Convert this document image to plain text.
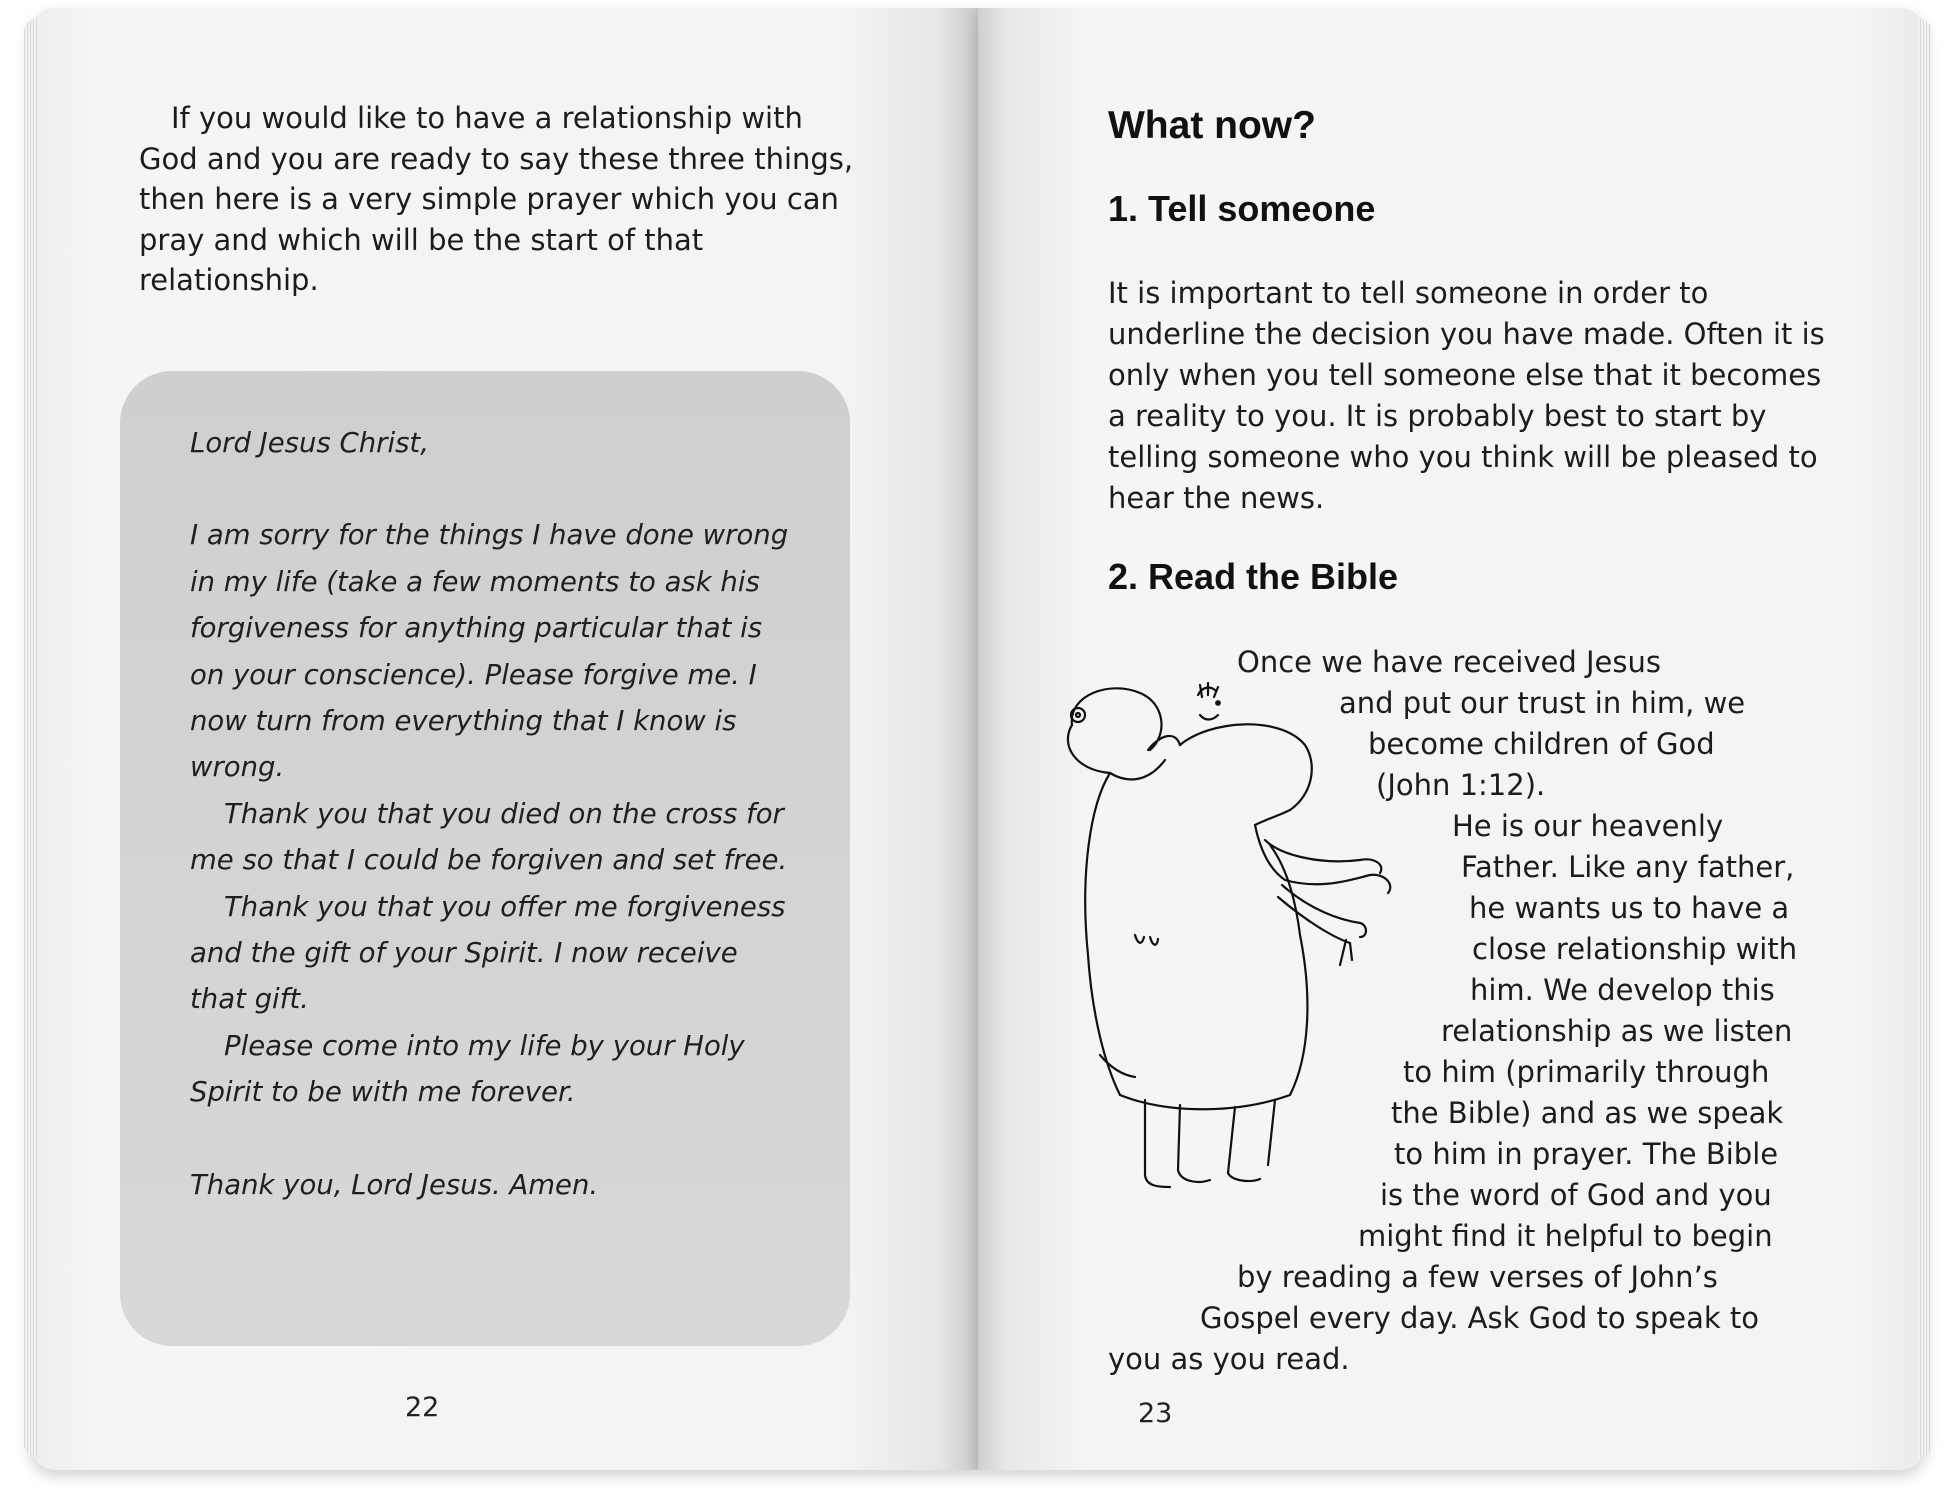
If you would like to have a relationship with God and you are ready to say these three things, then here is a very simple prayer which you can pray and which will be the start of that relationship.

Lord Jesus Christ,

I am sorry for the things I have done wrong in my life (take a few moments to ask his forgiveness for anything particular that is on your conscience). Please forgive me. I now turn from everything that I know is wrong.

Thank you that you died on the cross for me so that I could be forgiven and set free.

Thank you that you offer me forgiveness and the gift of your Spirit. I now receive that gift.

Please come into my life by your Holy Spirit to be with me forever.

Thank you, Lord Jesus. Amen.

22
What now?
1. Tell someone

It is important to tell someone in order to underline the decision you have made. Often it is only when you tell someone else that it becomes a reality to you. It is probably best to start by telling someone who you think will be pleased to hear the news.

2. Read the Bible
Once we have received Jesus
and put our trust in him, we
become children of God
(John 1:12).
He is our heavenly
Father. Like any father,
he wants us to have a
close relationship with
him. We develop this
relationship as we listen
to him (primarily through
the Bible) and as we speak
to him in prayer. The Bible
is the word of God and you
might find it helpful to begin
by reading a few verses of John’s
Gospel every day. Ask God to speak to
you as you read.
23
